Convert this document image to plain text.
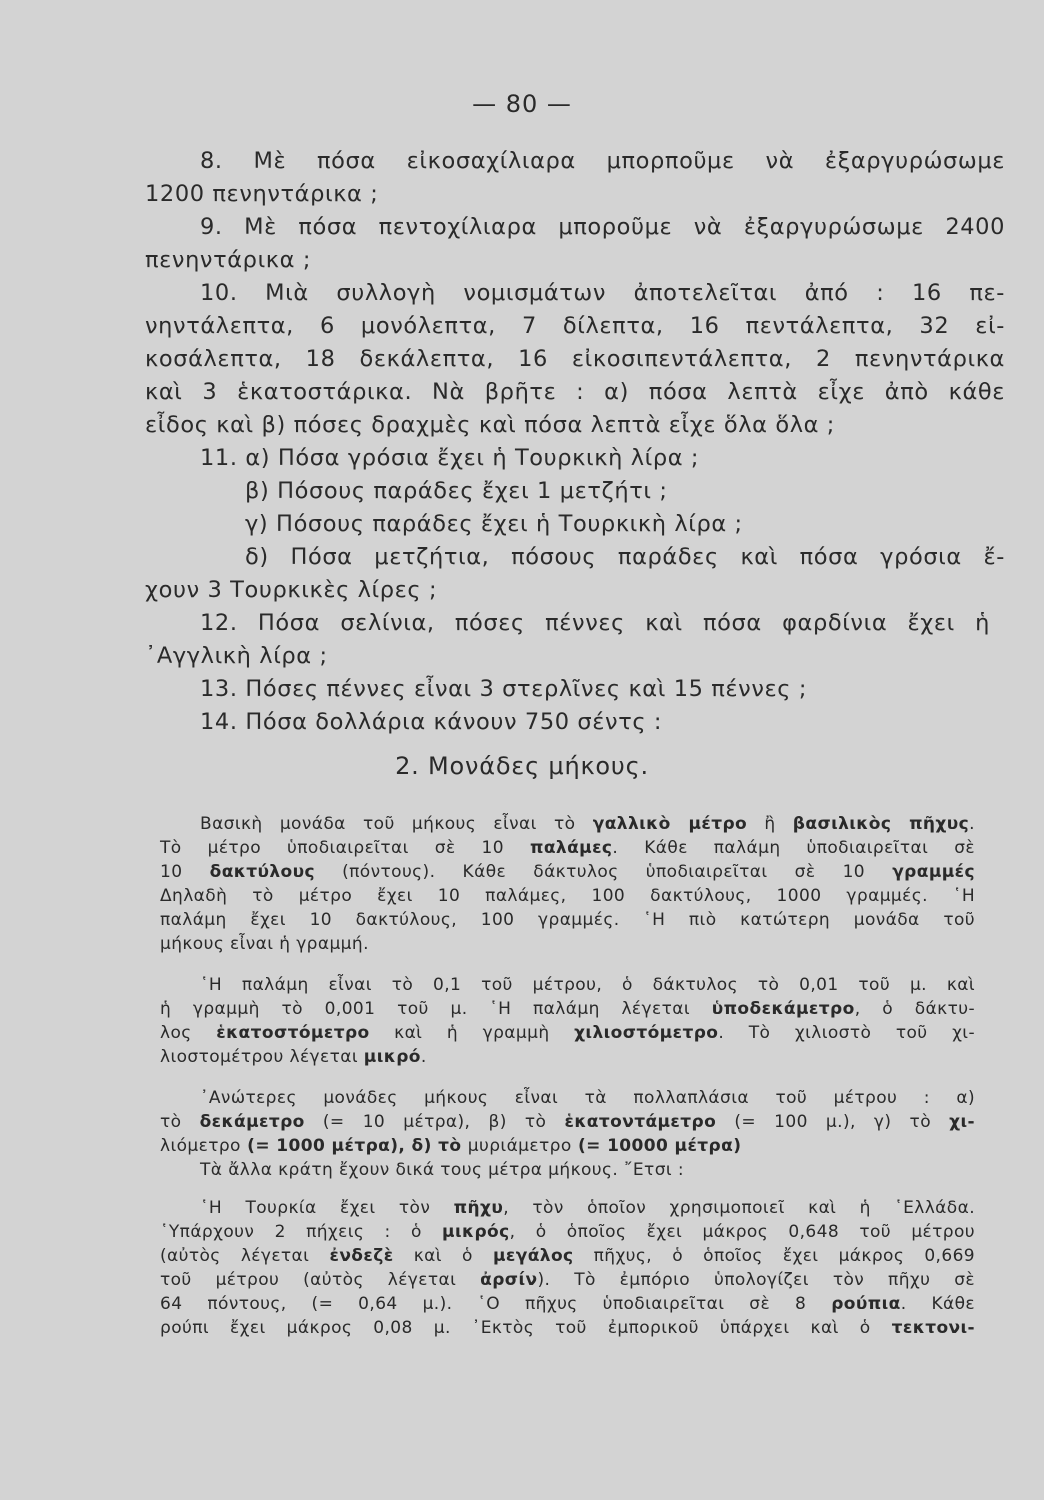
— 80 —
8. Μὲ πόσα εἰκοσαχίλιαρα μπορποῦμε νὰ ἐξαργυρώσωμε
1200 πενηντάρικα ;
9. Μὲ πόσα πεντοχίλιαρα μποροῦμε νὰ ἐξαργυρώσωμε 2400
πενηντάρικα ;
10. Μιὰ συλλογὴ νομισμάτων ἀποτελεῖται ἀπό : 16 πε-
νηντάλεπτα, 6 μονόλεπτα, 7 δίλεπτα, 16 πεντάλεπτα, 32 εἰ-
κοσάλεπτα, 18 δεκάλεπτα, 16 εἰκοσιπεντάλεπτα, 2 πενηντάρικα
καὶ 3 ἑκατοστάρικα. Νὰ βρῆτε : α) πόσα λεπτὰ εἶχε ἀπὸ κάθε
εἶδος καὶ β) πόσες δραχμὲς καὶ πόσα λεπτὰ εἶχε ὅλα ὅλα ;
11. α) Πόσα γρόσια ἔχει ἡ Τουρκικὴ λίρα ;
β) Πόσους παράδες ἔχει 1 μετζήτι ;
γ) Πόσους παράδες ἔχει ἡ Τουρκικὴ λίρα ;
δ) Πόσα μετζήτια, πόσους παράδες καὶ πόσα γρόσια ἔ-
χουν 3 Τουρκικὲς λίρες ;
12. Πόσα σελίνια, πόσες πέννες καὶ πόσα φαρδίνια ἔχει ἡ
᾿Αγγλικὴ λίρα ;
13. Πόσες πέννες εἶναι 3 στερλῖνες καὶ 15 πέννες ;
14. Πόσα δολλάρια κάνουν 750 σέντς :
2. Μονάδες μήκους.
Βασικὴ μονάδα τοῦ μήκους εἶναι τὸ γαλλικὸ μέτρο ἢ βασιλικὸς πῆχυς.
Τὸ μέτρο ὑποδιαιρεῖται σὲ 10 παλάμες. Κάθε παλάμη ὑποδιαιρεῖται σὲ
10 δακτύλους (πόντους). Κάθε δάκτυλος ὑποδιαιρεῖται σὲ 10 γραμμές
Δηλαδὴ τὸ μέτρο ἔχει 10 παλάμες, 100 δακτύλους, 1000 γραμμές. ῾Η
παλάμη ἔχει 10 δακτύλους, 100 γραμμές. ῾Η πιὸ κατώτερη μονάδα τοῦ
μήκους εἶναι ἡ γραμμή.
῾Η παλάμη εἶναι τὸ 0,1 τοῦ μέτρου, ὁ δάκτυλος τὸ 0,01 τοῦ μ. καὶ
ἡ γραμμὴ τὸ 0,001 τοῦ μ. ῾Η παλάμη λέγεται ὑποδεκάμετρο, ὁ δάκτυ-
λος ἑκατοστόμετρο καὶ ἡ γραμμὴ χιλιοστόμετρο. Τὸ χιλιοστὸ τοῦ χι-
λιοστομέτρου λέγεται μικρό.
᾿Ανώτερες μονάδες μήκους εἶναι τὰ πολλαπλάσια τοῦ μέτρου : α)
τὸ δεκάμετρο (= 10 μέτρα), β) τὸ ἑκατοντάμετρο (= 100 μ.), γ) τὸ χι-
λιόμετρο (= 1000 μέτρα), δ) τὸ μυριάμετρο (= 10000 μέτρα)
Τὰ ἄλλα κράτη ἔχουν δικά τους μέτρα μήκους. ῎Ετσι :
῾Η Τουρκία ἔχει τὸν πῆχυ, τὸν ὁποῖον χρησιμοποιεῖ καὶ ἡ ῾Ελλάδα.
῾Υπάρχουν 2 πήχεις : ὁ μικρός, ὁ ὁποῖος ἔχει μάκρος 0,648 τοῦ μέτρου
(αὐτὸς λέγεται ἐνδεζὲ καὶ ὁ μεγάλος πῆχυς, ὁ ὁποῖος ἔχει μάκρος 0,669
τοῦ μέτρου (αὐτὸς λέγεται ἀρσίν). Τὸ ἐμπόριο ὑπολογίζει τὸν πῆχυ σὲ
64 πόντους, (= 0,64 μ.). ῾Ο πῆχυς ὑποδιαιρεῖται σὲ 8 ρούπια. Κάθε
ρούπι ἔχει μάκρος 0,08 μ. ᾿Εκτὸς τοῦ ἐμπορικοῦ ὑπάρχει καὶ ὁ τεκτονι-
